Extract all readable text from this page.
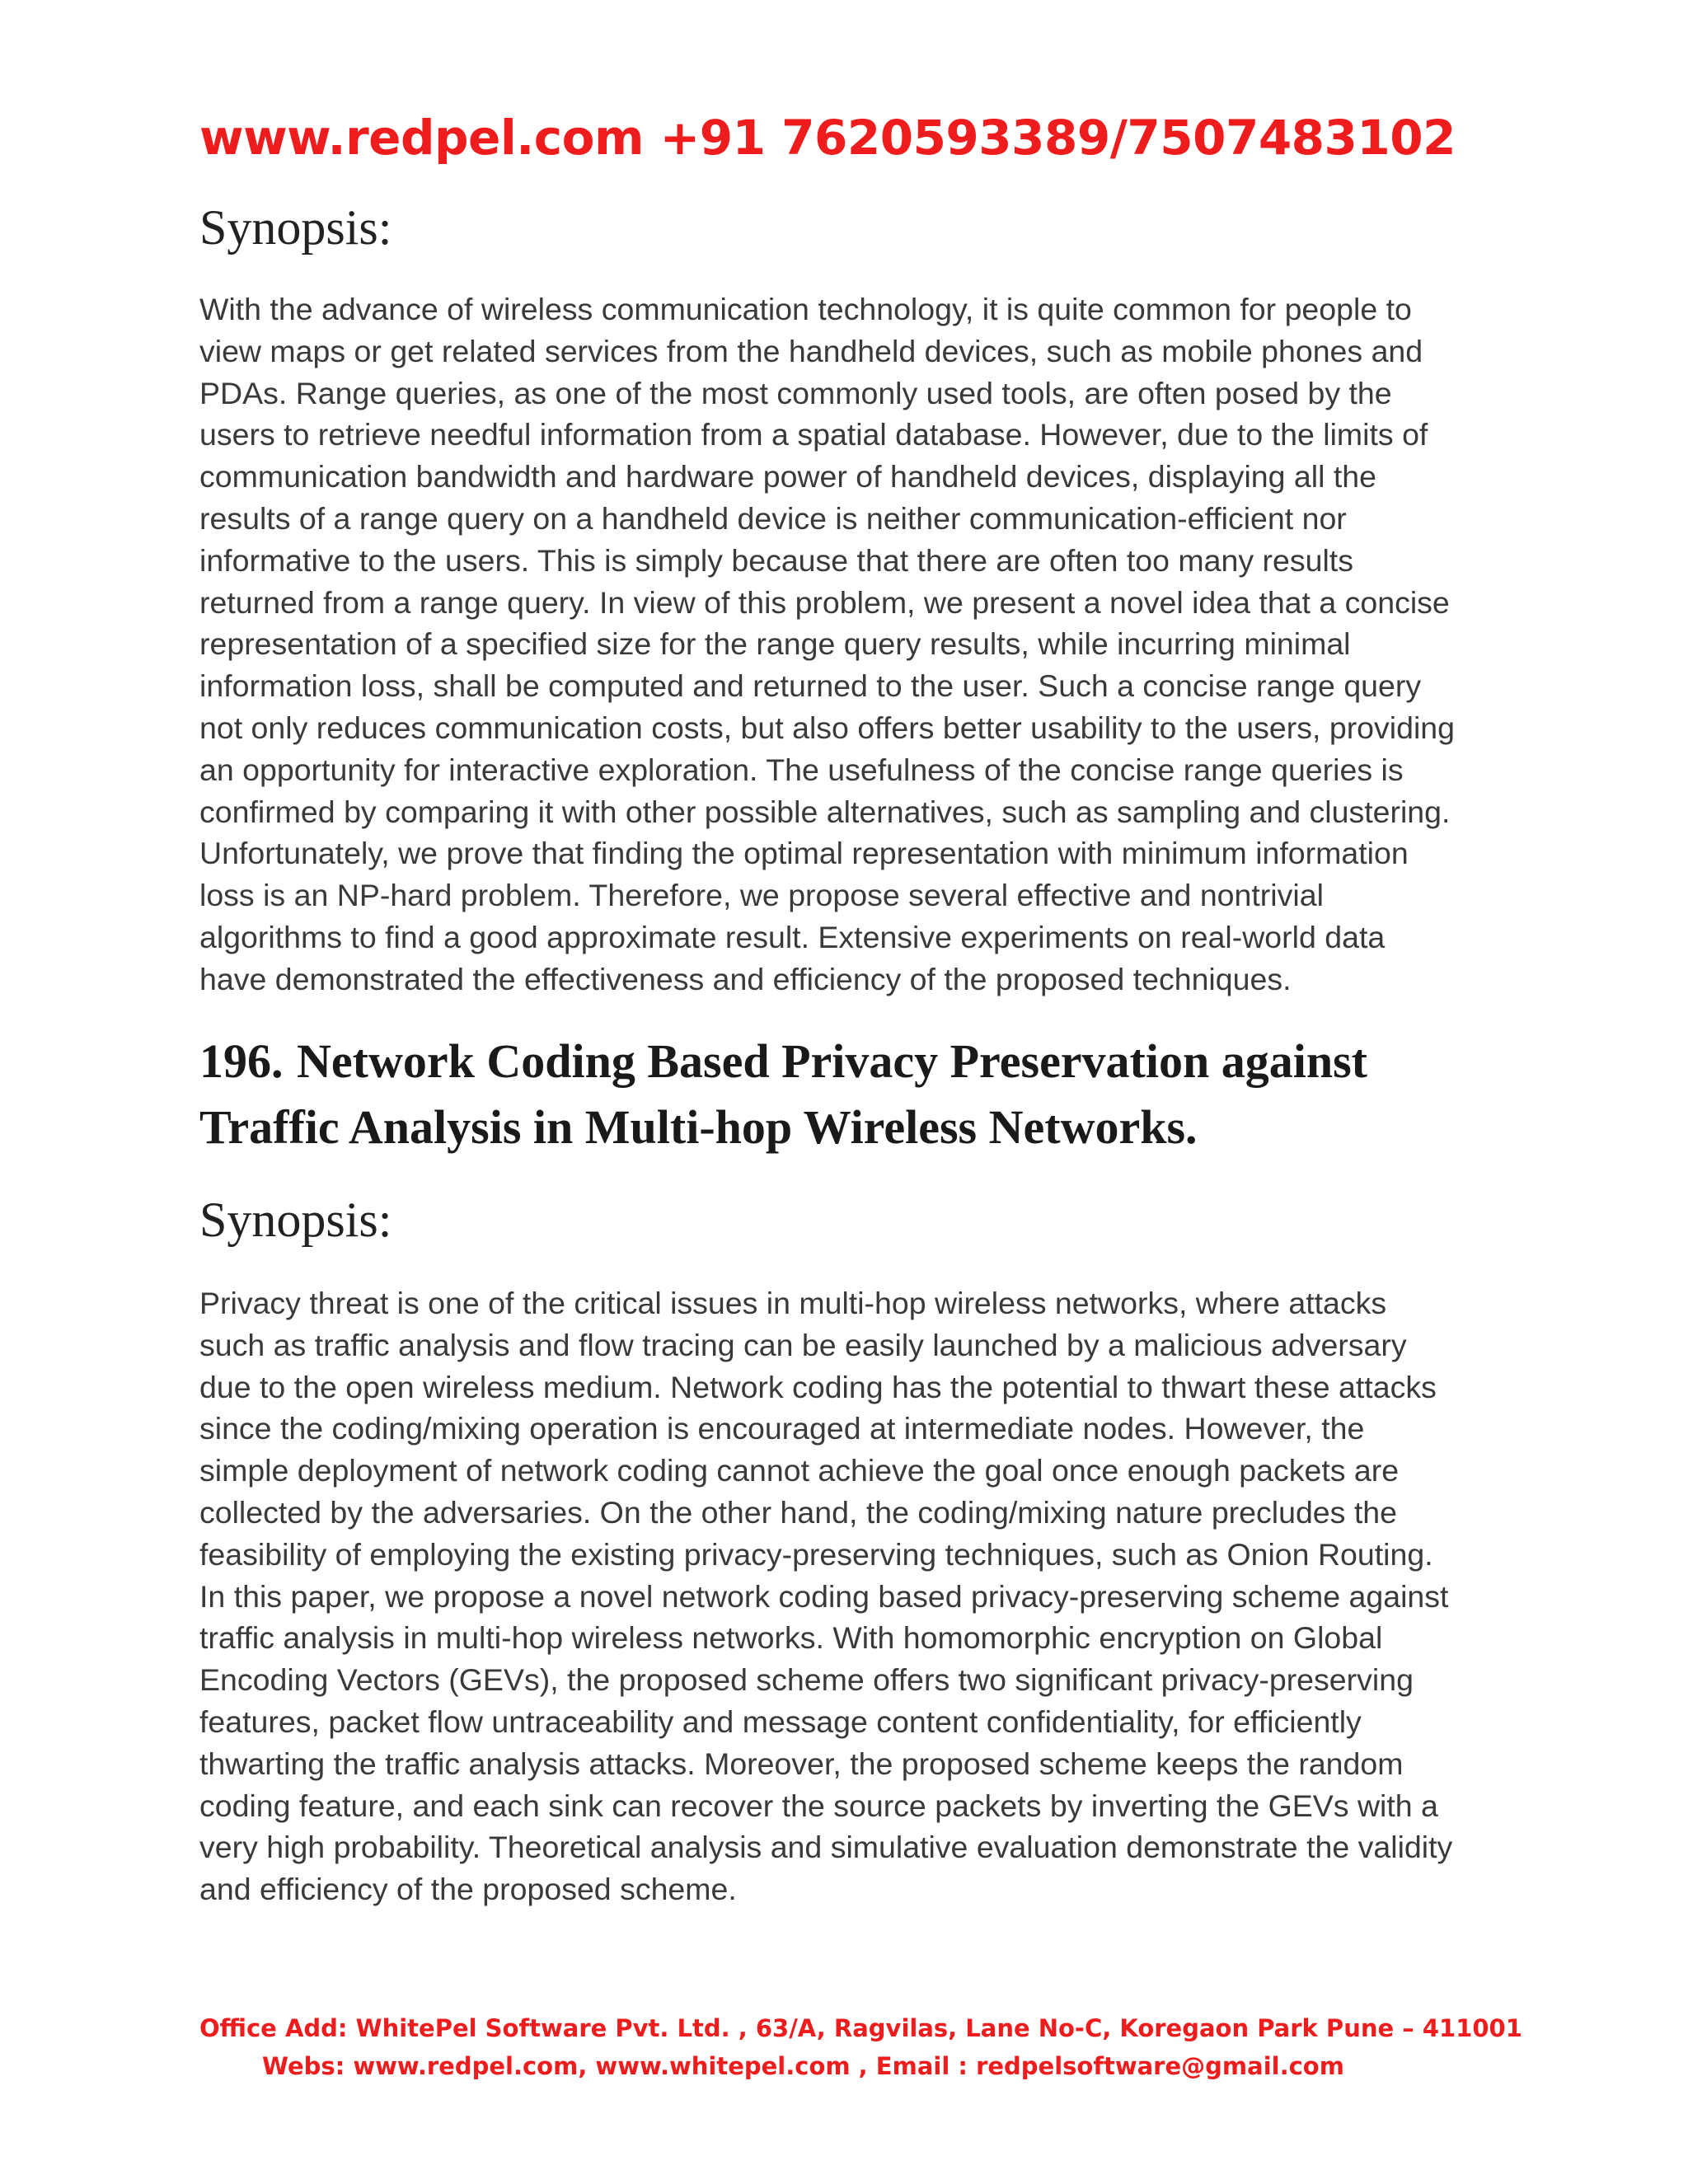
www.redpel.com +91 7620593389/7507483102

Synopsis:

With the advance of wireless communication technology, it is quite common for people to
view maps or get related services from the handheld devices, such as mobile phones and
PDAs. Range queries, as one of the most commonly used tools, are often posed by the
users to retrieve needful information from a spatial database. However, due to the limits of
communication bandwidth and hardware power of handheld devices, displaying all the
results of a range query on a handheld device is neither communication-efficient nor
informative to the users. This is simply because that there are often too many results
returned from a range query. In view of this problem, we present a novel idea that a concise
representation of a specified size for the range query results, while incurring minimal
information loss, shall be computed and returned to the user. Such a concise range query
not only reduces communication costs, but also offers better usability to the users, providing
an opportunity for interactive exploration. The usefulness of the concise range queries is
confirmed by comparing it with other possible alternatives, such as sampling and clustering.
Unfortunately, we prove that finding the optimal representation with minimum information
loss is an NP-hard problem. Therefore, we propose several effective and nontrivial
algorithms to find a good approximate result. Extensive experiments on real-world data
have demonstrated the effectiveness and efficiency of the proposed techniques.
196. Network Coding Based Privacy Preservation against
Traffic Analysis in Multi-hop Wireless Networks.

Synopsis:

Privacy threat is one of the critical issues in multi-hop wireless networks, where attacks
such as traffic analysis and flow tracing can be easily launched by a malicious adversary
due to the open wireless medium. Network coding has the potential to thwart these attacks
since the coding/mixing operation is encouraged at intermediate nodes. However, the
simple deployment of network coding cannot achieve the goal once enough packets are
collected by the adversaries. On the other hand, the coding/mixing nature precludes the
feasibility of employing the existing privacy-preserving techniques, such as Onion Routing.
In this paper, we propose a novel network coding based privacy-preserving scheme against
traffic analysis in multi-hop wireless networks. With homomorphic encryption on Global
Encoding Vectors (GEVs), the proposed scheme offers two significant privacy-preserving
features, packet flow untraceability and message content confidentiality, for efficiently
thwarting the traffic analysis attacks. Moreover, the proposed scheme keeps the random
coding feature, and each sink can recover the source packets by inverting the GEVs with a
very high probability. Theoretical analysis and simulative evaluation demonstrate the validity
and efficiency of the proposed scheme.
Office Add: WhitePel Software Pvt. Ltd. , 63/A, Ragvilas, Lane No-C, Koregaon Park Pune – 411001
Webs: www.redpel.com, www.whitepel.com , Email : redpelsoftware@gmail.com
